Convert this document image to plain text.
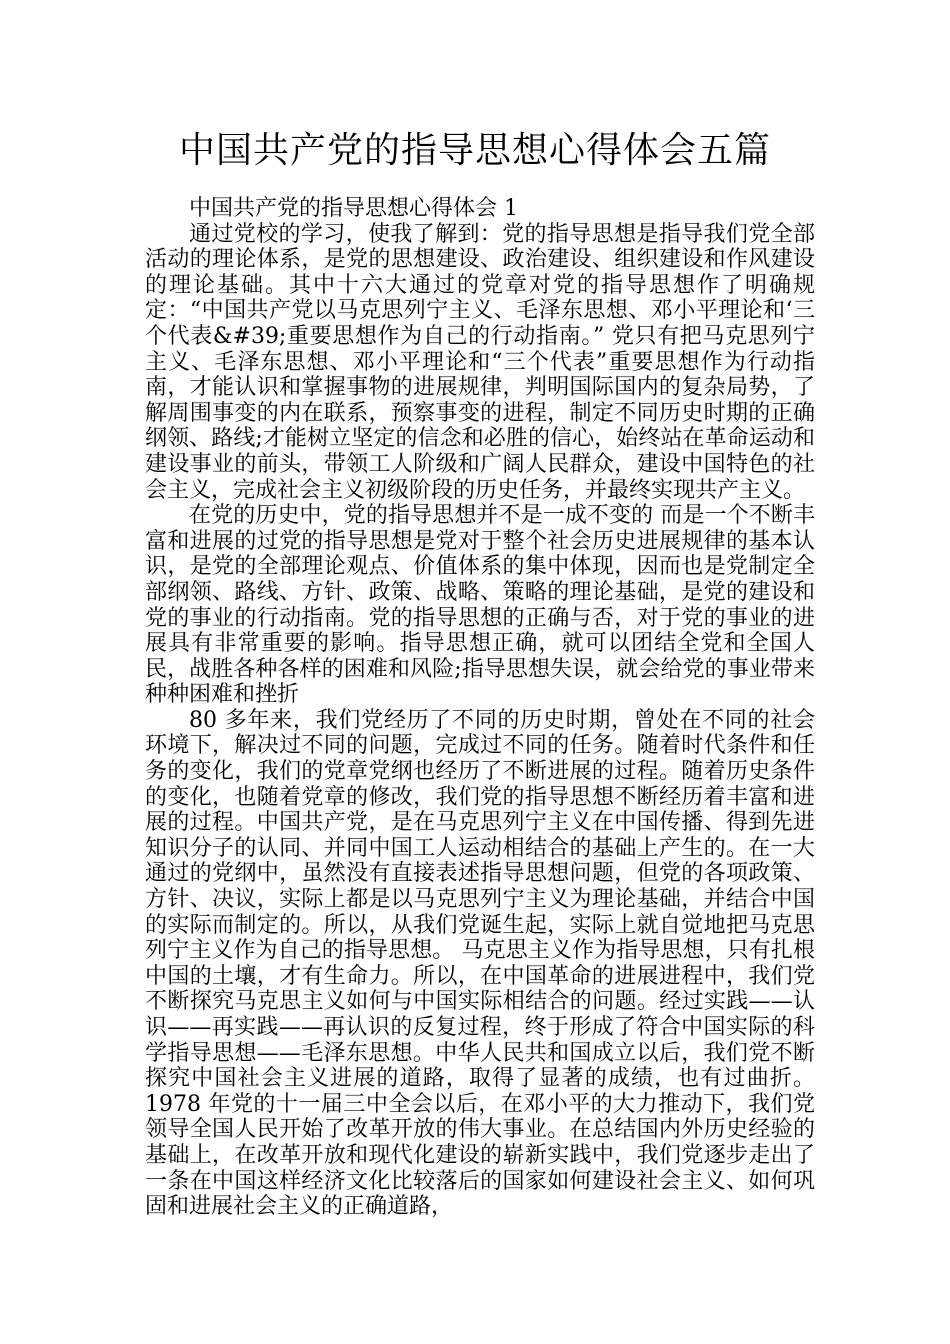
中国共产党的指导思想心得体会五篇

中国共产党的指导思想心得体会 1

通过党校的学习，使我了解到：党的指导思想是指导我们党全部活动的理论体系，是党的思想建设、政治建设、组织建设和作风建设的理论基础。其中十六大通过的党章对党的指导思想作了明确规定：“中国共产党以马克思列宁主义、毛泽东思想、邓小平理论和‘三个代表&#39;重要思想作为自己的行动指南。” 党只有把马克思列宁主义、毛泽东思想、邓小平理论和“三个代表”重要思想作为行动指南，才能认识和掌握事物的进展规律，判明国际国内的复杂局势，了解周围事变的内在联系，预察事变的进程，制定不同历史时期的正确纲领、路线;才能树立坚定的信念和必胜的信心，始终站在革命运动和建设事业的前头，带领工人阶级和广阔人民群众，建设中国特色的社会主义，完成社会主义初级阶段的历史任务，并最终实现共产主义。

在党的历史中，党的指导思想并不是一成不变的 而是一个不断丰富和进展的过党的指导思想是党对于整个社会历史进展规律的基本认识，是党的全部理论观点、价值体系的集中体现，因而也是党制定全部纲领、路线、方针、政策、战略、策略的理论基础，是党的建设和党的事业的行动指南。党的指导思想的正确与否，对于党的事业的进展具有非常重要的影响。指导思想正确，就可以团结全党和全国人民，战胜各种各样的困难和风险;指导思想失误，就会给党的事业带来种种困难和挫折

80 多年来，我们党经历了不同的历史时期，曾处在不同的社会环境下，解决过不同的问题，完成过不同的任务。随着时代条件和任务的变化，我们的党章党纲也经历了不断进展的过程。随着历史条件的变化，也随着党章的修改，我们党的指导思想不断经历着丰富和进展的过程。中国共产党，是在马克思列宁主义在中国传播、得到先进知识分子的认同、并同中国工人运动相结合的基础上产生的。在一大通过的党纲中，虽然没有直接表述指导思想问题，但党的各项政策、方针、决议，实际上都是以马克思列宁主义为理论基础，并结合中国的实际而制定的。所以，从我们党诞生起，实际上就自觉地把马克思列宁主义作为自己的指导思想。 马克思主义作为指导思想，只有扎根中国的土壤，才有生命力。所以，在中国革命的进展进程中，我们党不断探究马克思主义如何与中国实际相结合的问题。经过实践——认识——再实践——再认识的反复过程，终于形成了符合中国实际的科学指导思想——毛泽东思想。中华人民共和国成立以后，我们党不断探究中国社会主义进展的道路，取得了显著的成绩，也有过曲折。1978 年党的十一届三中全会以后，在邓小平的大力推动下，我们党领导全国人民开始了改革开放的伟大事业。在总结国内外历史经验的基础上，在改革开放和现代化建设的崭新实践中，我们党逐步走出了一条在中国这样经济文化比较落后的国家如何建设社会主义、如何巩固和进展社会主义的正确道路，
